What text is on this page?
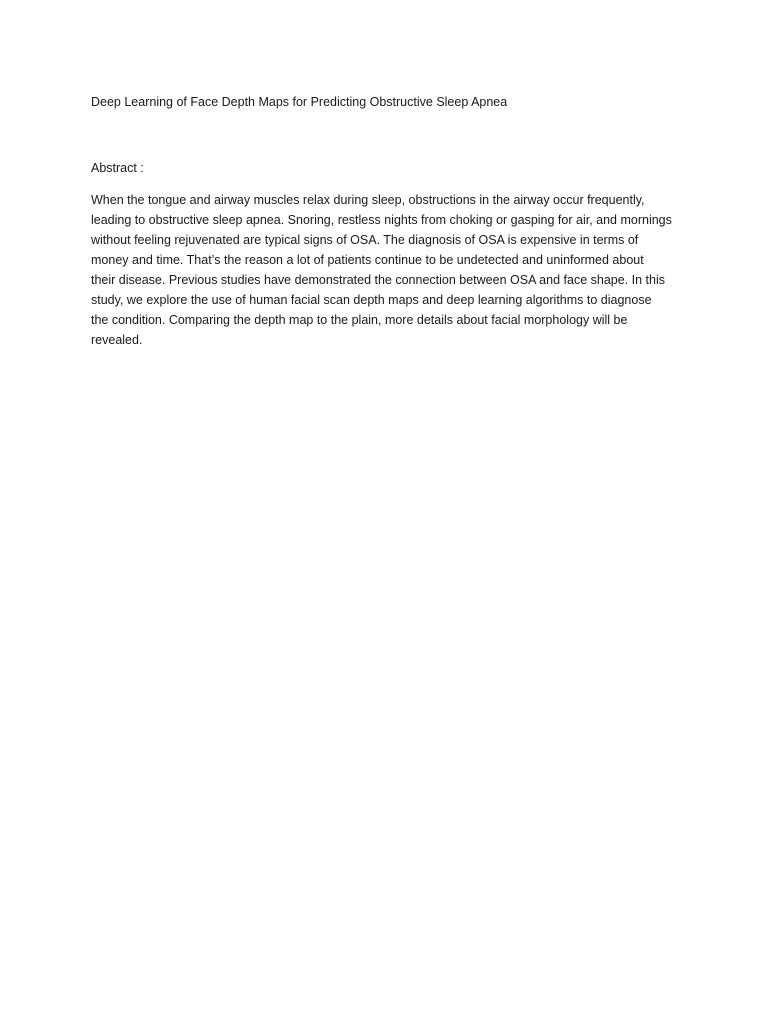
Deep Learning of Face Depth Maps for Predicting Obstructive Sleep Apnea
Abstract :
When the tongue and airway muscles relax during sleep, obstructions in the airway occur frequently,
leading to obstructive sleep apnea. Snoring, restless nights from choking or gasping for air, and mornings
without feeling rejuvenated are typical signs of OSA. The diagnosis of OSA is expensive in terms of
money and time. That’s the reason a lot of patients continue to be undetected and uninformed about
their disease. Previous studies have demonstrated the connection between OSA and face shape. In this
study, we explore the use of human facial scan depth maps and deep learning algorithms to diagnose
the condition. Comparing the depth map to the plain, more details about facial morphology will be
revealed.
